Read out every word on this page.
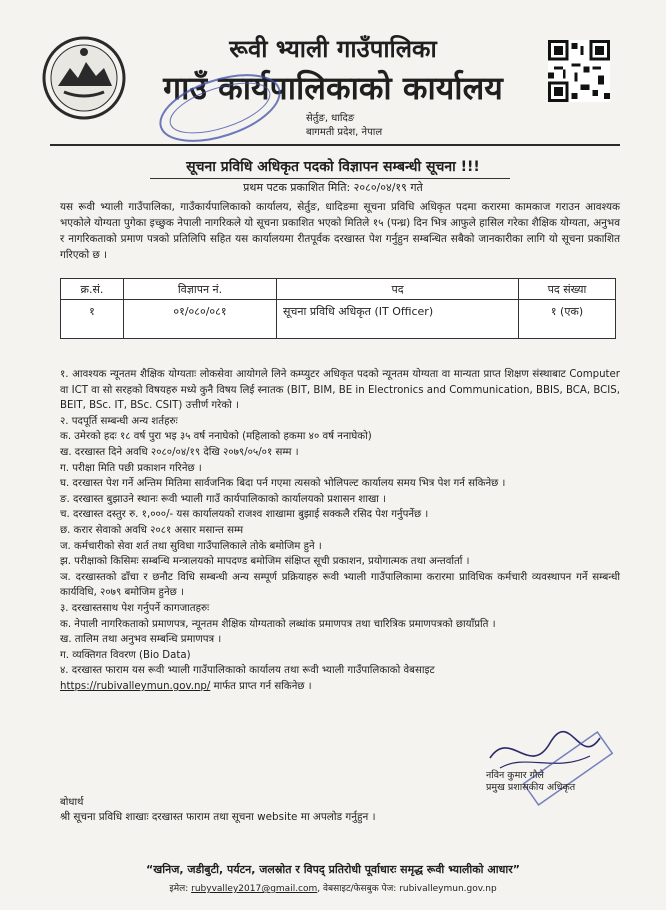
रूवी भ्याली गाउँपालिका
गाउँ कार्यपालिकाको कार्यालय
सेर्तुङ, धादिङ
बागमती प्रदेश, नेपाल
सूचना प्रविधि अधिकृत पदको विज्ञापन सम्बन्धी सूचना !!!
प्रथम पटक प्रकाशित मिति: २०८०/०४/१९ गते
यस रूवी भ्याली गाउँपालिका, गाउँकार्यपालिकाको कार्यालय, सेर्तुङ, धादिङमा सूचना प्रविधि अधिकृत पदमा करारमा कामकाज गराउन आवश्यक भएकोले योग्यता पुगेका इच्छुक नेपाली नागरिकले यो सूचना प्रकाशित भएको मितिले १५ (पन्ध्र) दिन भित्र आफुले हासिल गरेका शैक्षिक योग्यता, अनुभव र नागरिकताको प्रमाण पत्रको प्रतिलिपि सहित यस कार्यालयमा रीतपूर्वक दरखास्त पेश गर्नुहुन सम्बन्धित सबैको जानकारीका लागि यो सूचना प्रकाशित गरिएको छ ।
क्र.सं.	विज्ञापन नं.	पद	पद संख्या
१	०१/०८०/०८१	सूचना प्रविधि अधिकृत (IT Officer)	१ (एक)

१. आवश्यक न्यूनतम शैक्षिक योग्यताः लोकसेवा आयोगले लिने कम्प्युटर अधिकृत पदको न्यूनतम योग्यता वा मान्यता प्राप्त शिक्षण संस्थाबाट Computer वा ICT वा सो सरहको विषयहरु मध्ये कुनै विषय लिई स्नातक (BIT, BIM, BE in Electronics and Communication, BBIS, BCA, BCIS, BEIT, BSc. IT, BSc. CSIT) उत्तीर्ण गरेको ।

२. पदपूर्ति सम्बन्धी अन्य शर्तहरुः

क. उमेरको हदः १८ वर्ष पुरा भइ ३५ वर्ष ननाघेको (महिलाको हकमा ४० वर्ष ननाघेको)

ख. दरखास्त दिने अवधि २०८०/०४/१९ देखि २०७९/०५/०१ सम्म ।

ग. परीक्षा मिति पछी प्रकाशन गरिनेछ ।

घ. दरखास्त पेश गर्ने अन्तिम मितिमा सार्वजनिक बिदा पर्न गएमा त्यसको भोलिपल्ट कार्यालय समय भित्र पेश गर्न सकिनेछ ।

ङ. दरखास्त बुझाउने स्थानः रूवी भ्याली गाउँ कार्यपालिकाको कार्यालयको प्रशासन शाखा ।

च. दरखास्त दस्तुर रु. १,०००/- यस कार्यालयको राजश्व शाखामा बुझाई सक्कलै रसिद पेश गर्नुपर्नेछ ।

छ. करार सेवाको अवधि २०८१ असार मसान्त सम्म

ज. कर्मचारीको सेवा शर्त तथा सुविधा गाउँपालिकाले तोके बमोजिम हुने ।

झ. परीक्षाको किसिमः सम्बन्धि मन्त्रालयको मापदण्ड बमोजिम संक्षिप्त सूची प्रकाशन, प्रयोगात्मक तथा अन्तर्वार्ता ।

ञ. दरखास्तको ढाँचा र छनौट विधि सम्बन्धी अन्य सम्पूर्ण प्रक्रियाहरु रूवी भ्याली गाउँपालिकामा करारमा प्राविधिक कर्मचारी व्यवस्थापन गर्ने सम्बन्धी कार्यविधि, २०७९ बमोजिम हुनेछ ।

३. दरखास्तसाथ पेश गर्नुपर्ने कागजातहरुः

क. नेपाली नागरिकताको प्रमाणपत्र, न्यूनतम शैक्षिक योग्यताको लब्धांक प्रमाणपत्र तथा चारित्रिक प्रमाणपत्रको छायाँप्रति ।

ख. तालिम तथा अनुभव सम्बन्धि प्रमाणपत्र ।

ग. व्यक्तिगत विवरण (Bio Data)

४. दरखास्त फाराम यस रूवी भ्याली गाउँपालिकाको कार्यालय तथा रूवी भ्याली गाउँपालिकाको वेबसाइट
https://rubivalleymun.gov.np/ मार्फत प्राप्त गर्न सकिनेछ ।

नविन कुमार गौले
प्रमुख प्रशासकीय अधिकृत
बोधार्थ
श्री सूचना प्रविधि शाखाः दरखास्त फाराम तथा सूचना website मा अपलोड गर्नुहुन ।
“खनिज, जडीबुटी, पर्यटन, जलस्रोत र विपद् प्रतिरोधी पूर्वाधारः समृद्ध रूवी भ्यालीको आधार”
इमेल: rubyvalley2017@gmail.com, वेबसाइट/फेसबुक पेज: rubivalleymun.gov.np
